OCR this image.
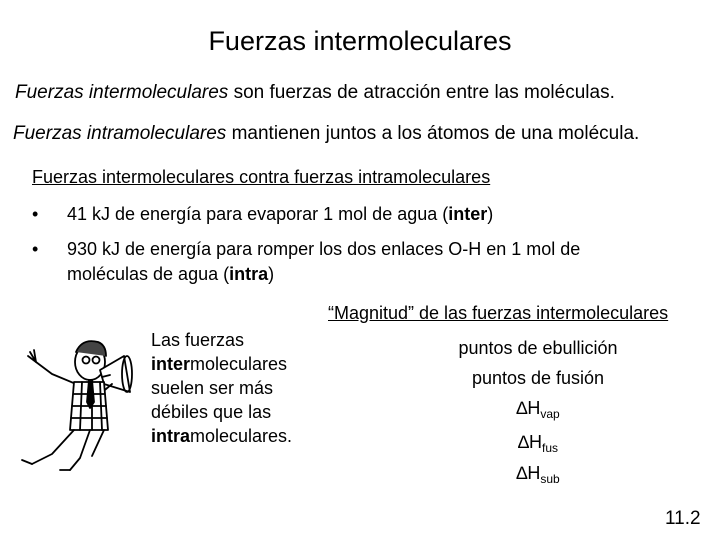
Fuerzas intermoleculares
Fuerzas intermoleculares son fuerzas de atracción entre las moléculas.
Fuerzas intramoleculares mantienen juntos a los átomos de una molécula.
Fuerzas intermoleculares contra fuerzas intramoleculares
• 41 kJ de energía para evaporar 1 mol de agua (inter)
• 930 kJ de energía para romper los dos enlaces O-H en 1 mol de moléculas de agua (intra)
“Magnitud” de las fuerzas intermoleculares
Las fuerzas intermoleculares suelen ser más débiles que las intramoleculares.
puntos de ebullición
puntos de fusión
$\Delta H_{vap}$
$\Delta H_{fus}$
$\Delta H_{sub}$
11.2
